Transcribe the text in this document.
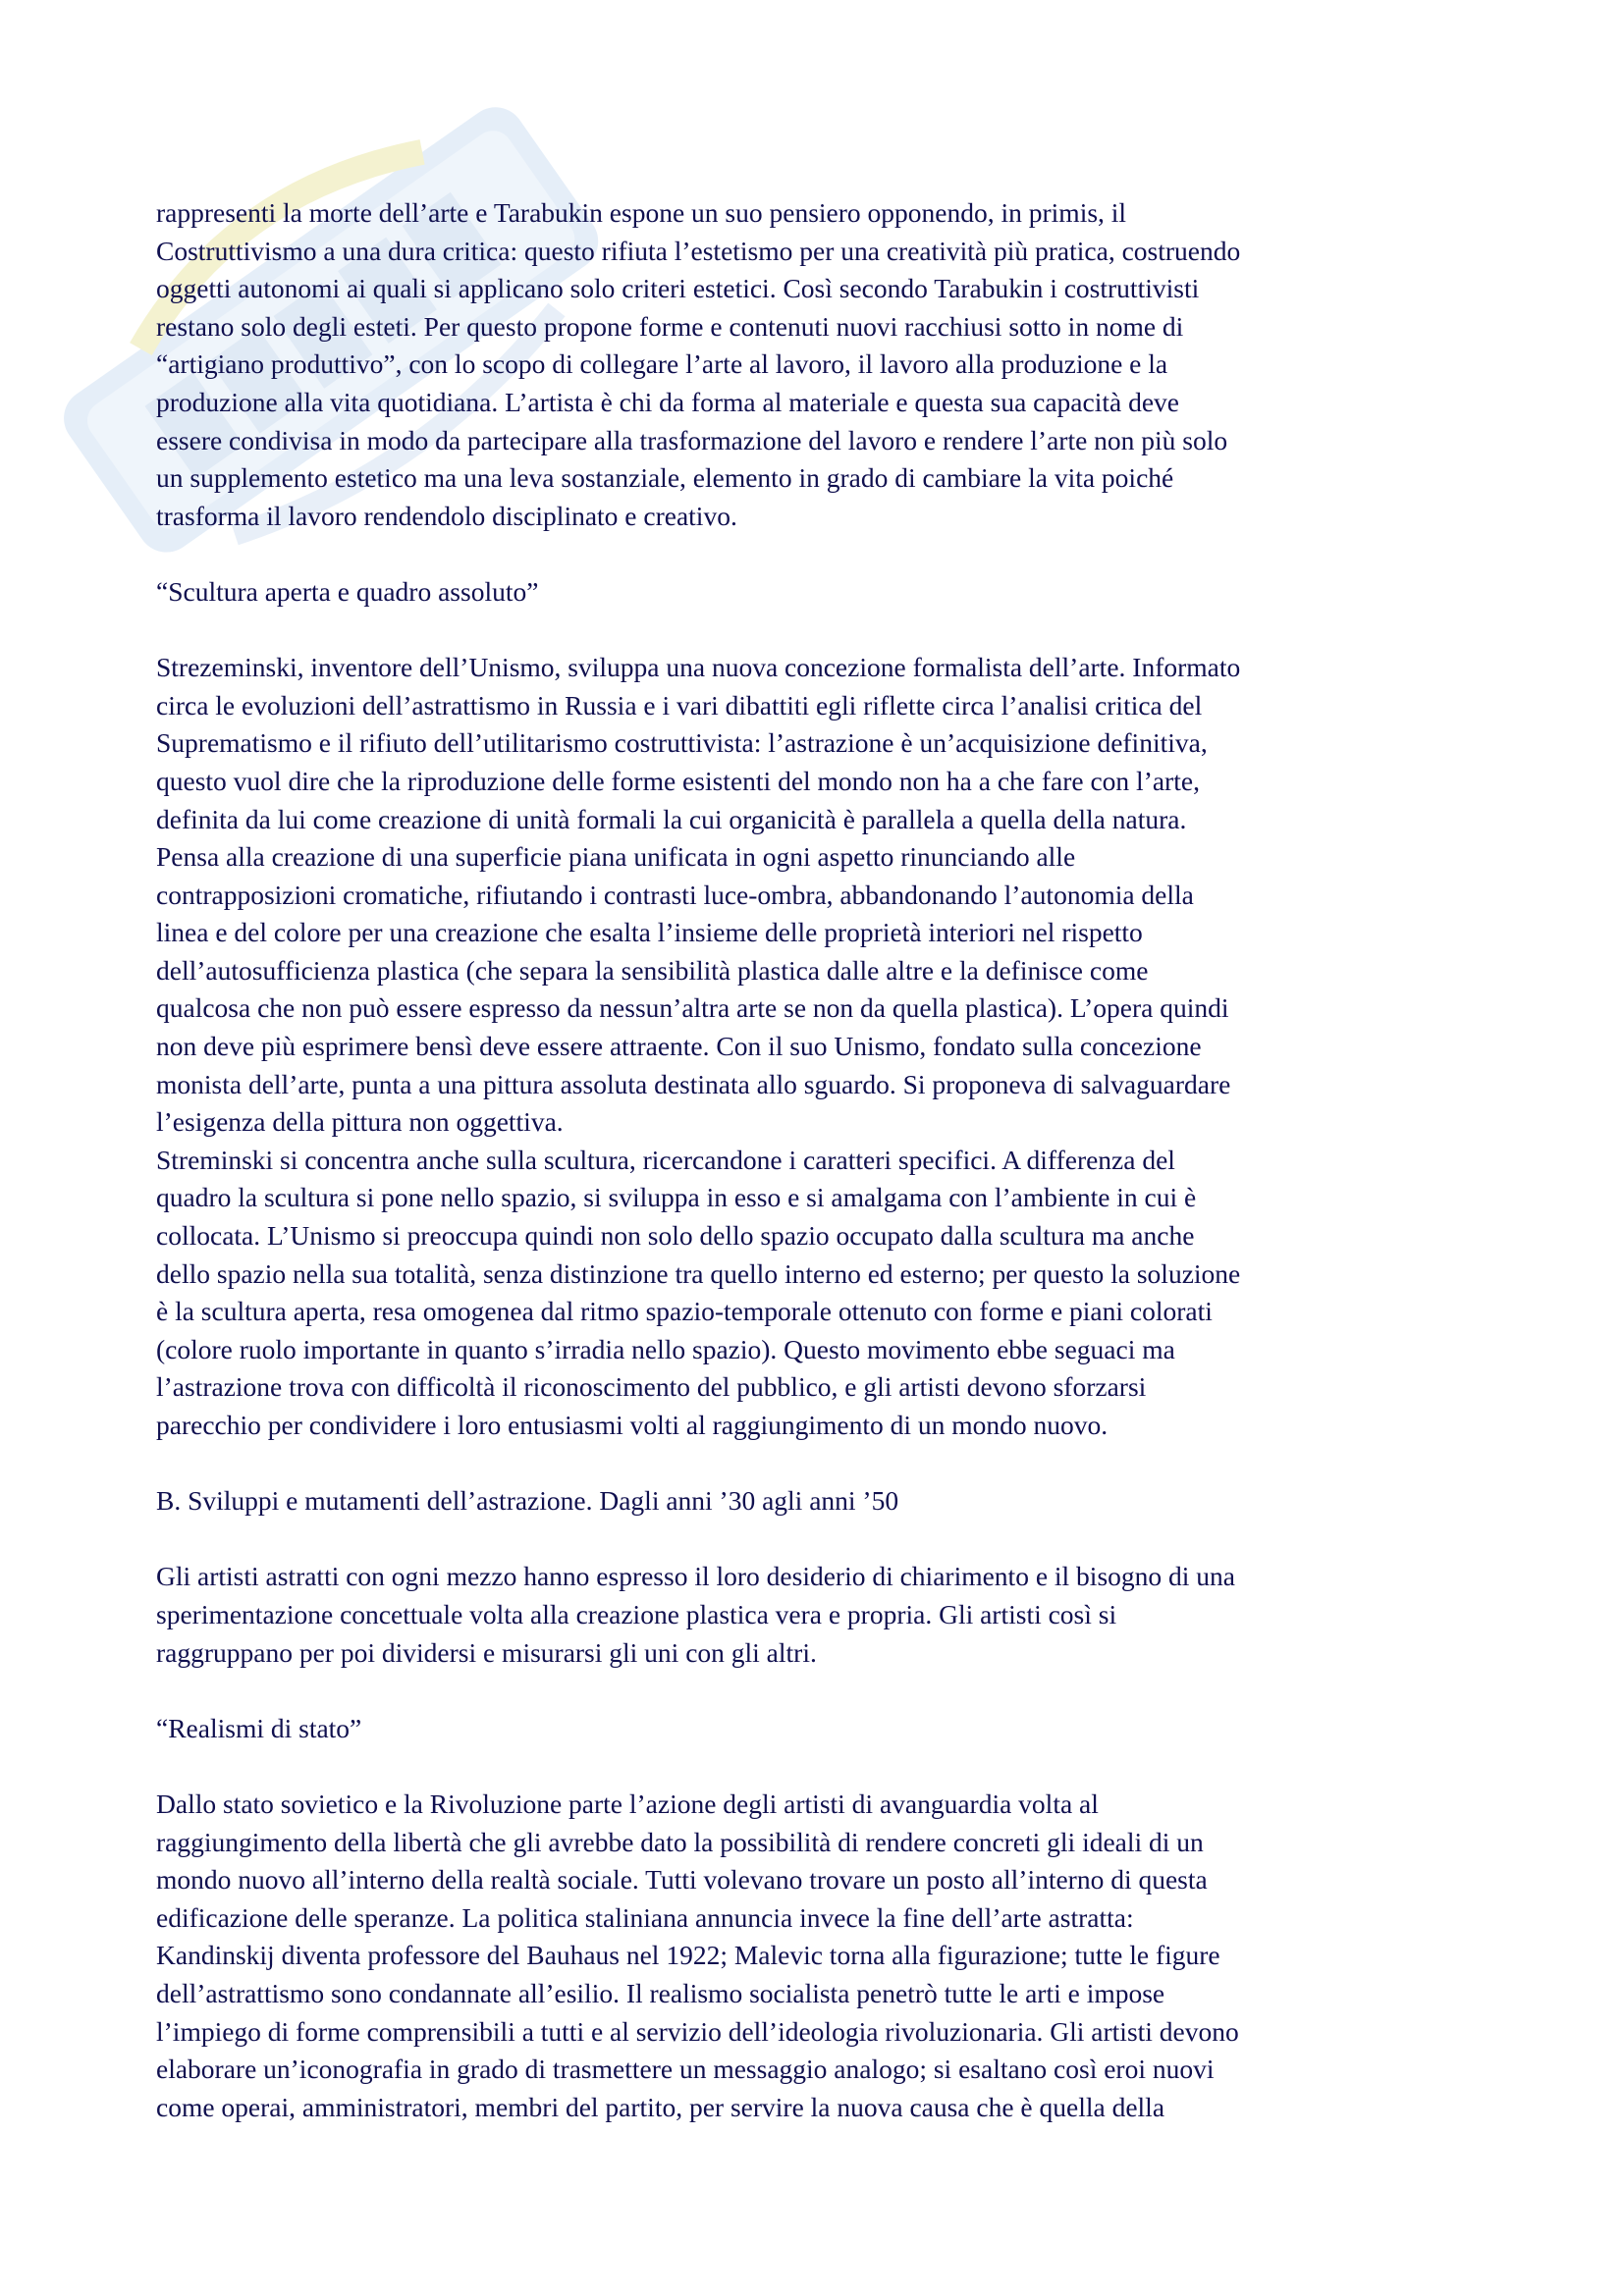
rappresenti la morte dell’arte e Tarabukin espone un suo pensiero opponendo, in primis, il
Costruttivismo a una dura critica: questo rifiuta l’estetismo per una creatività più pratica, costruendo
oggetti autonomi ai quali si applicano solo criteri estetici. Così secondo Tarabukin i costruttivisti
restano solo degli esteti. Per questo propone forme e contenuti nuovi racchiusi sotto in nome di
“artigiano produttivo”, con lo scopo di collegare l’arte al lavoro, il lavoro alla produzione e la
produzione alla vita quotidiana. L’artista è chi da forma al materiale e questa sua capacità deve
essere condivisa in modo da partecipare alla trasformazione del lavoro e rendere l’arte non più solo
un supplemento estetico ma una leva sostanziale, elemento in grado di cambiare la vita poiché
trasforma il lavoro rendendolo disciplinato e creativo.

“Scultura aperta e quadro assoluto”

Strezeminski, inventore dell’Unismo, sviluppa una nuova concezione formalista dell’arte. Informato
circa le evoluzioni dell’astrattismo in Russia e i vari dibattiti egli riflette circa l’analisi critica del
Suprematismo e il rifiuto dell’utilitarismo costruttivista: l’astrazione è un’acquisizione definitiva,
questo vuol dire che la riproduzione delle forme esistenti del mondo non ha a che fare con l’arte,
definita da lui come creazione di unità formali la cui organicità è parallela a quella della natura.
Pensa alla creazione di una superficie piana unificata in ogni aspetto rinunciando alle
contrapposizioni cromatiche, rifiutando i contrasti luce-ombra, abbandonando l’autonomia della
linea e del colore per una creazione che esalta l’insieme delle proprietà interiori nel rispetto
dell’autosufficienza plastica (che separa la sensibilità plastica dalle altre e la definisce come
qualcosa che non può essere espresso da nessun’altra arte se non da quella plastica). L’opera quindi
non deve più esprimere bensì deve essere attraente. Con il suo Unismo, fondato sulla concezione
monista dell’arte, punta a una pittura assoluta destinata allo sguardo. Si proponeva di salvaguardare
l’esigenza della pittura non oggettiva.
Streminski si concentra anche sulla scultura, ricercandone i caratteri specifici. A differenza del
quadro la scultura si pone nello spazio, si sviluppa in esso e si amalgama con l’ambiente in cui è
collocata. L’Unismo si preoccupa quindi non solo dello spazio occupato dalla scultura ma anche
dello spazio nella sua totalità, senza distinzione tra quello interno ed esterno; per questo la soluzione
è la scultura aperta, resa omogenea dal ritmo spazio-temporale ottenuto con forme e piani colorati
(colore ruolo importante in quanto s’irradia nello spazio). Questo movimento ebbe seguaci ma
l’astrazione trova con difficoltà il riconoscimento del pubblico, e gli artisti devono sforzarsi
parecchio per condividere i loro entusiasmi volti al raggiungimento di un mondo nuovo.

B. Sviluppi e mutamenti dell’astrazione. Dagli anni ’30 agli anni ’50

Gli artisti astratti con ogni mezzo hanno espresso il loro desiderio di chiarimento e il bisogno di una
sperimentazione concettuale volta alla creazione plastica vera e propria. Gli artisti così si
raggruppano per poi dividersi e misurarsi gli uni con gli altri.

“Realismi di stato”

Dallo stato sovietico e la Rivoluzione parte l’azione degli artisti di avanguardia volta al
raggiungimento della libertà che gli avrebbe dato la possibilità di rendere concreti gli ideali di un
mondo nuovo all’interno della realtà sociale. Tutti volevano trovare un posto all’interno di questa
edificazione delle speranze. La politica staliniana annuncia invece la fine dell’arte astratta:
Kandinskij diventa professore del Bauhaus nel 1922; Malevic torna alla figurazione; tutte le figure
dell’astrattismo sono condannate all’esilio. Il realismo socialista penetrò tutte le arti e impose
l’impiego di forme comprensibili a tutti e al servizio dell’ideologia rivoluzionaria. Gli artisti devono
elaborare un’iconografia in grado di trasmettere un messaggio analogo; si esaltano così eroi nuovi
come operai, amministratori, membri del partito, per servire la nuova causa che è quella della
